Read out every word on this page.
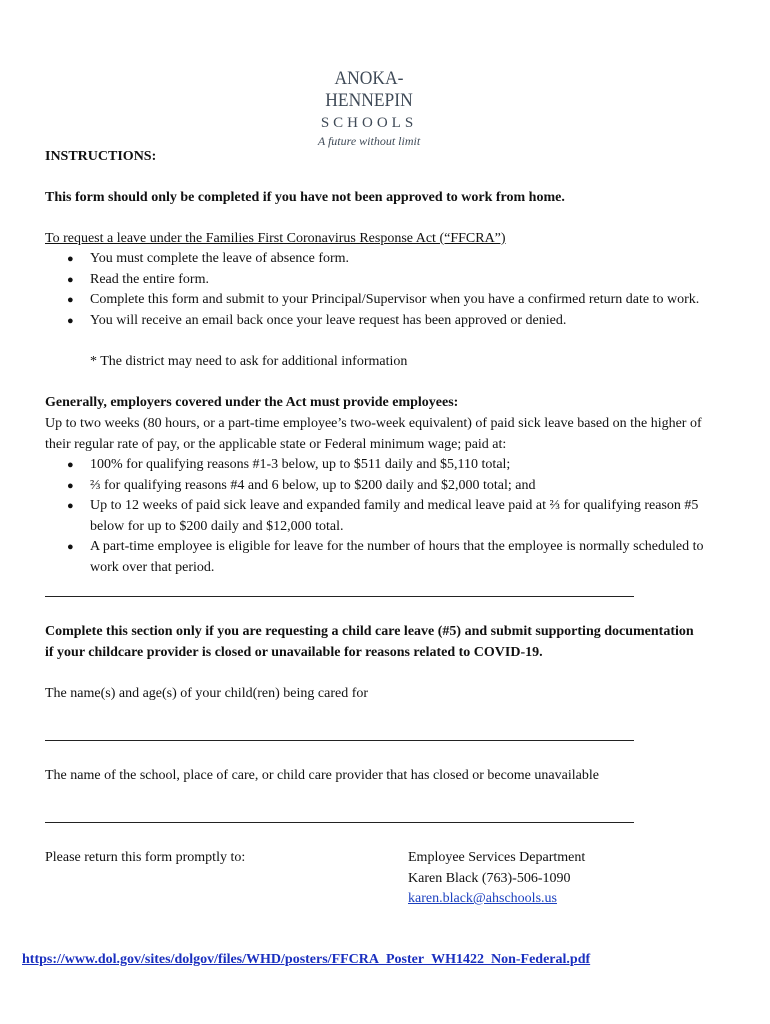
ANOKA-HENNEPIN
SCHOOLS
A future without limit
INSTRUCTIONS:
This form should only be completed if you have not been approved to work from home.
To request a leave under the Families First Coronavirus Response Act (“FFCRA”)
● You must complete the leave of absence form.
● Read the entire form.
● Complete this form and submit to your Principal/Supervisor when you have a confirmed return date to work.
● You will receive an email back once your leave request has been approved or denied.
* The district may need to ask for additional information
Generally, employers covered under the Act must provide employees:
Up to two weeks (80 hours, or a part-time employee’s two-week equivalent) of paid sick leave based on the higher of their regular rate of pay, or the applicable state or Federal minimum wage; paid at:
● 100% for qualifying reasons #1-3 below, up to $511 daily and $5,110 total;
● ⅔ for qualifying reasons #4 and 6 below, up to $200 daily and $2,000 total; and
● Up to 12 weeks of paid sick leave and expanded family and medical leave paid at ⅔ for qualifying reason #5 below for up to $200 daily and $12,000 total.
● A part-time employee is eligible for leave for the number of hours that the employee is normally scheduled to work over that period.
Complete this section only if you are requesting a child care leave (#5) and submit supporting documentation if your childcare provider is closed or unavailable for reasons related to COVID-19.
The name(s) and age(s) of your child(ren) being cared for
The name of the school, place of care, or child care provider that has closed or become unavailable
Please return this form promptly to:	Employee Services Department
Karen Black (763)-506-1090
karen.black@ahschools.us
https://www.dol.gov/sites/dolgov/files/WHD/posters/FFCRA_Poster_WH1422_Non-Federal.pdf
